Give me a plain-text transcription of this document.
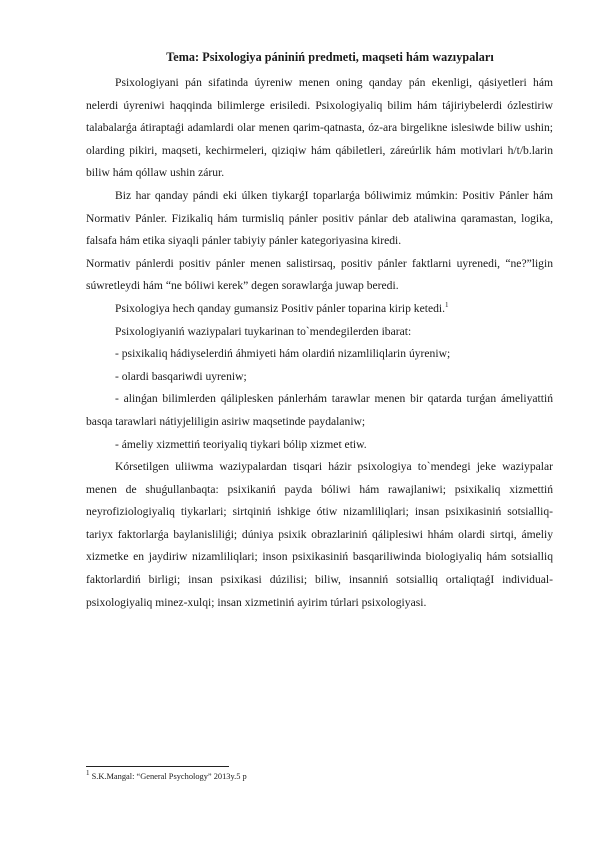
Tema: Psixologiya pániniń predmeti, maqseti hám wazıypaları

Psixologiyani pán sifatinda úyreniw menen oning qanday pán ekenligi, qásiyetleri hám nelerdi úyreniwi haqqinda bilimlerge erisiledi. Psixologiyaliq bilim hám tájiriybelerdi ózlestiriw talabalarǵa átiraptaǵi adamlardi olar menen qarim-qatnasta, óz-ara birgelikne islesiwde biliw ushin; olarding pikiri, maqseti, kechirmeleri, qiziqiw hám qábiletleri, zárеúrlik hám motivlari h/t/b.larin biliw hám qóllaw ushin zárur.

Biz har qanday pándi eki úlken tiykarǵI toparlarǵa bóliwimiz múmkin: Positiv Pánler hám Normativ Pánler. Fizikaliq hám turmisliq pánler positiv pánlar deb ataliwina qaramastan, logika, falsafa hám etika siyaqli pánler tabiyiy pánler kategoriyasina kiredi.

Normativ pánlerdi positiv pánler menen salistirsaq, positiv pánler faktlarni uyrenedi, “ne?”ligin súwretleydi hám “ne bóliwi kerek” degen sorawlarǵa juwap beredi.

Psixologiya hech qanday gumansiz Positiv pánler toparina kirip ketedi.$^1$

Psixologiyaniń waziypalari tuykarinan to`mendegilerden ibarat:

- psixikaliq hádiyselerdiń áhmiyeti hám olardiń nizamliliqlarin úyreniw;

- olardi basqariwdi uyreniw;

- alinǵan bilimlerden qáliplesken pánlerhám tarawlar menen bir qatarda turǵan ámeliyattiń basqa tarawlari nátiyjeliligin asiriw maqsetinde paydalaniw;

- ámeliy xizmettiń teoriyaliq tiykari bólip xizmet etiw.

Kórsetilgen uliiwma waziypalardan tisqari házir psixologiya to`mendegi jeke waziypalar menen de shuǵullanbaqta: psixikaniń payda bóliwi hám rawajlaniwi; psixikaliq xizmettiń neyrofiziologiyaliq tiykarlari; sirtqiniń ishkige ótiw nizamliliqlari; insan psixikasiniń sotsialliq-tariyx faktorlarǵa baylanisliliǵi; dúniya psixik obrazlariniń qáliplesiwi hhám olardi sirtqi, ámeliy xizmetke en jaydiriw nizamliliqlari; inson psixikasiniń basqariliwinda biologiyaliq hám sotsialliq faktorlardiń birligi; insan psixikasi dúzilisi; biliw, insanniń sotsialliq ortaliqtaǵI individual-psixologiyaliq minez-xulqi; insan xizmetiniń ayirim túrlari psixologiyasi.

$^1$ S.K.Mangal: “General Psychology” 2013y.5 p
